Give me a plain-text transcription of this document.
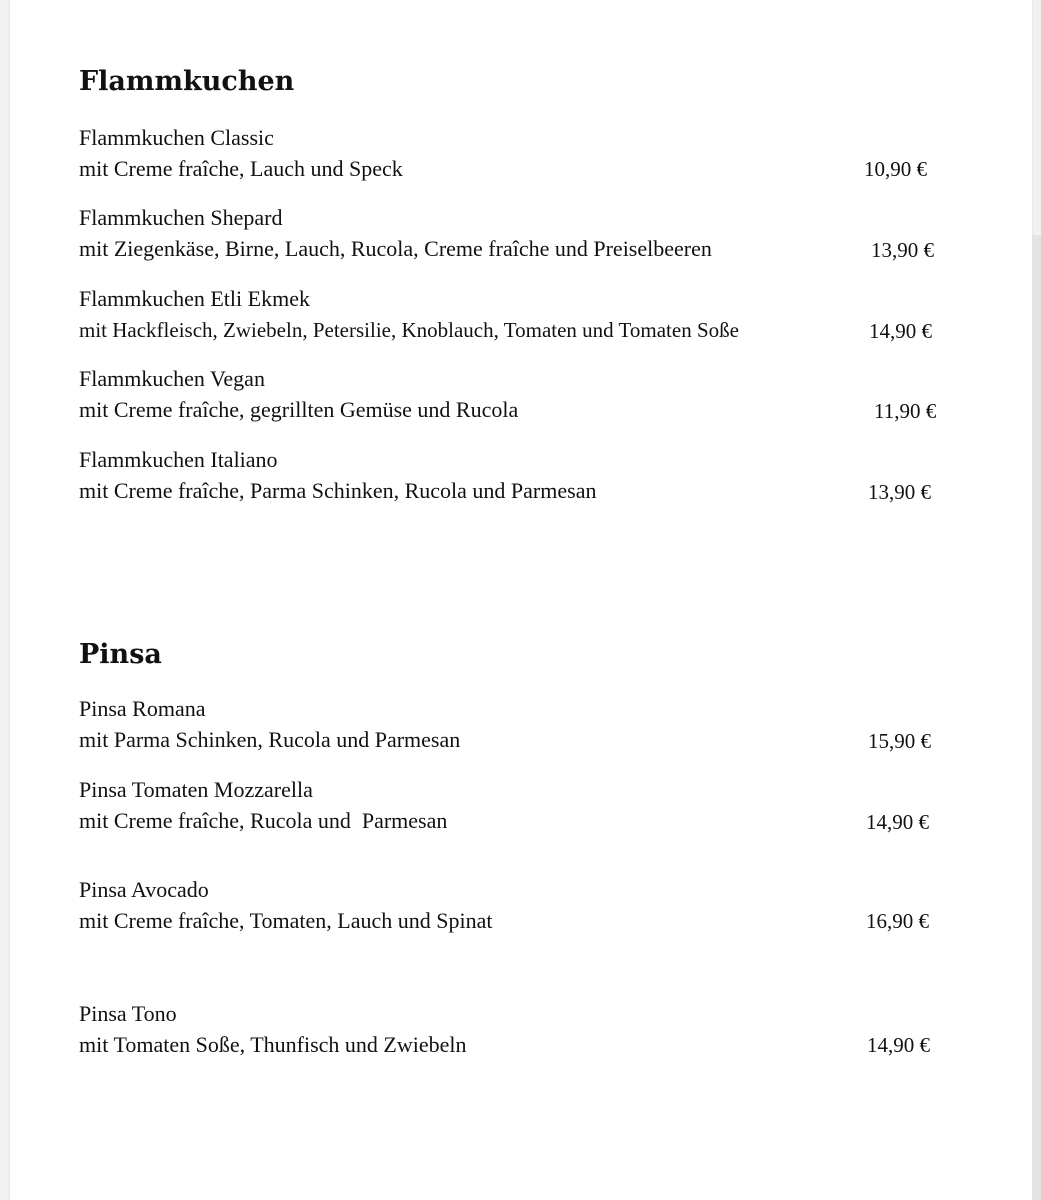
Flammkuchen
Flammkuchen Classic
mit Creme fraîche, Lauch und Speck	10,90 €
Flammkuchen Shepard
mit Ziegenkäse, Birne, Lauch, Rucola, Creme fraîche und Preiselbeeren	13,90 €
Flammkuchen Etli Ekmek
mit Hackfleisch, Zwiebeln, Petersilie, Knoblauch, Tomaten und Tomaten Soße	14,90 €
Flammkuchen Vegan
mit Creme fraîche, gegrillten Gemüse und Rucola	11,90 €
Flammkuchen Italiano
mit Creme fraîche, Parma Schinken, Rucola und Parmesan	13,90 €
Pinsa
Pinsa Romana
mit Parma Schinken, Rucola und Parmesan	15,90 €
Pinsa Tomaten Mozzarella
mit Creme fraîche, Rucola und  Parmesan	14,90 €
Pinsa Avocado
mit Creme fraîche, Tomaten, Lauch und Spinat	16,90 €
Pinsa Tono
mit Tomaten Soße, Thunfisch und Zwiebeln	14,90 €
